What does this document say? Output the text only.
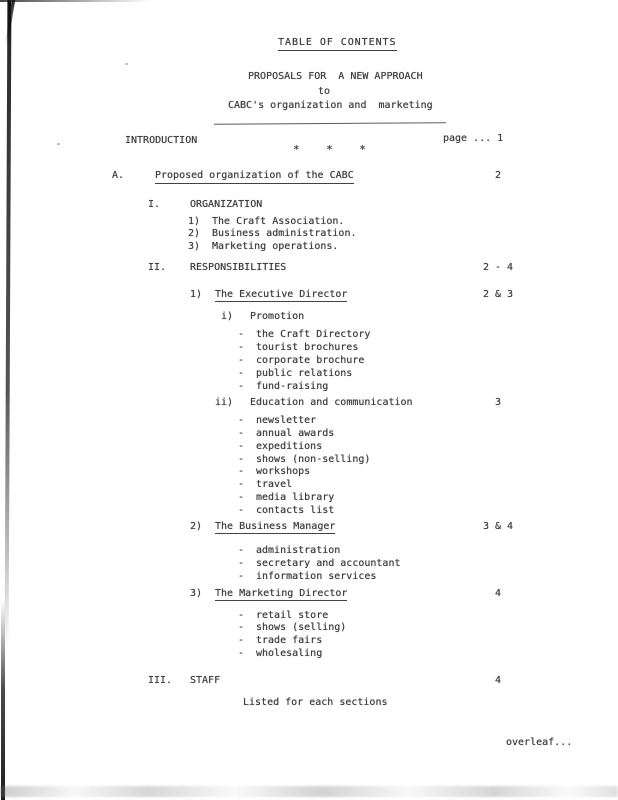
TABLE OF CONTENTS
PROPOSALS FOR  A NEW APPROACH
to
CABC's organization and  marketing
INTRODUCTION	page ... 1
*    *    *
A.	Proposed organization of the CABC	2
I.	ORGANIZATION
1) The Craft Association.
2) Business administration.
3) Marketing operations.
II. RESPONSIBILITIES	2 - 4
1) The Executive Director	2 & 3
i) Promotion
- the Craft Directory
- tourist brochures
- corporate brochure
- public relations
- fund-raising
ii) Education and communication	3
- newsletter
- annual awards
- expeditions
- shows (non-selling)
- workshops
- travel
- media library
- contacts list
2) The Business Manager	3 & 4
- administration
- secretary and accountant
- information services
3) The Marketing Director	4
- retail store
- shows (selling)
- trade fairs
- wholesaling
III. STAFF	4
Listed for each sections
overleaf...
